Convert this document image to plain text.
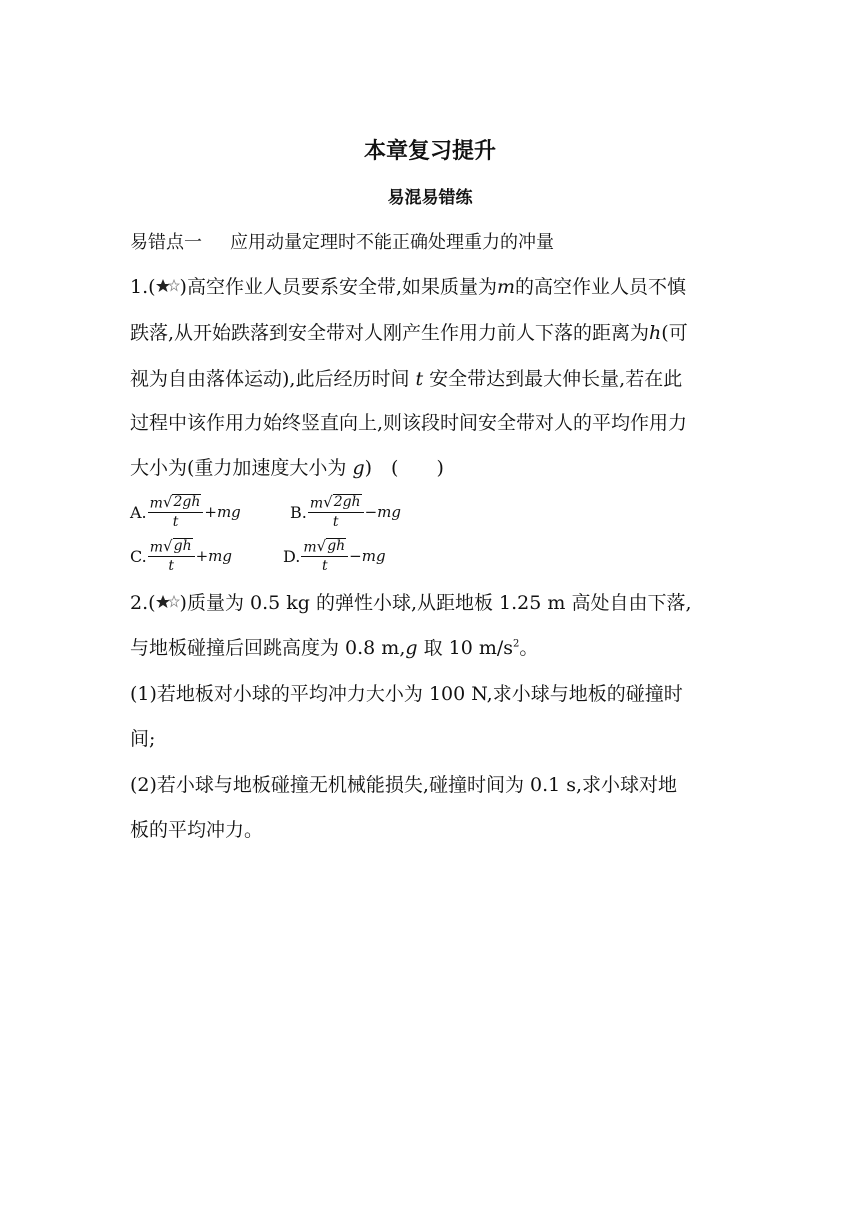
本章复习提升
易混易错练
易错点一 应用动量定理时不能正确处理重力的冲量
1.( )高空作业人员要系安全带,如果质量为m的高空作业人员不慎
跌落,从开始跌落到安全带对人刚产生作用力前人下落的距离为h(可
视为自由落体运动),此后经历时间 t 安全带达到最大伸长量,若在此
过程中该作用力始终竖直向上,则该段时间安全带对人的平均作用力
大小为(重力加速度大小为 g)　(　　)
A. $\frac{m √ 2gh}{t} +mg$	B. $\frac{m √ 2gh}{t} -mg$
C. $\frac{m √ gh}{t} +mg$	D. $\frac{m √ gh}{t} -mg$
2.( )质量为 0.5 kg 的弹性小球,从距地板 1.25 m 高处自由下落,
与地板碰撞后回跳高度为 0.8 m,g 取 10 $m/s^2$。
(1)若地板对小球的平均冲力大小为 100 N,求小球与地板的碰撞时
间;
(2)若小球与地板碰撞无机械能损失,碰撞时间为 0.1 s,求小球对地
板的平均冲力。
